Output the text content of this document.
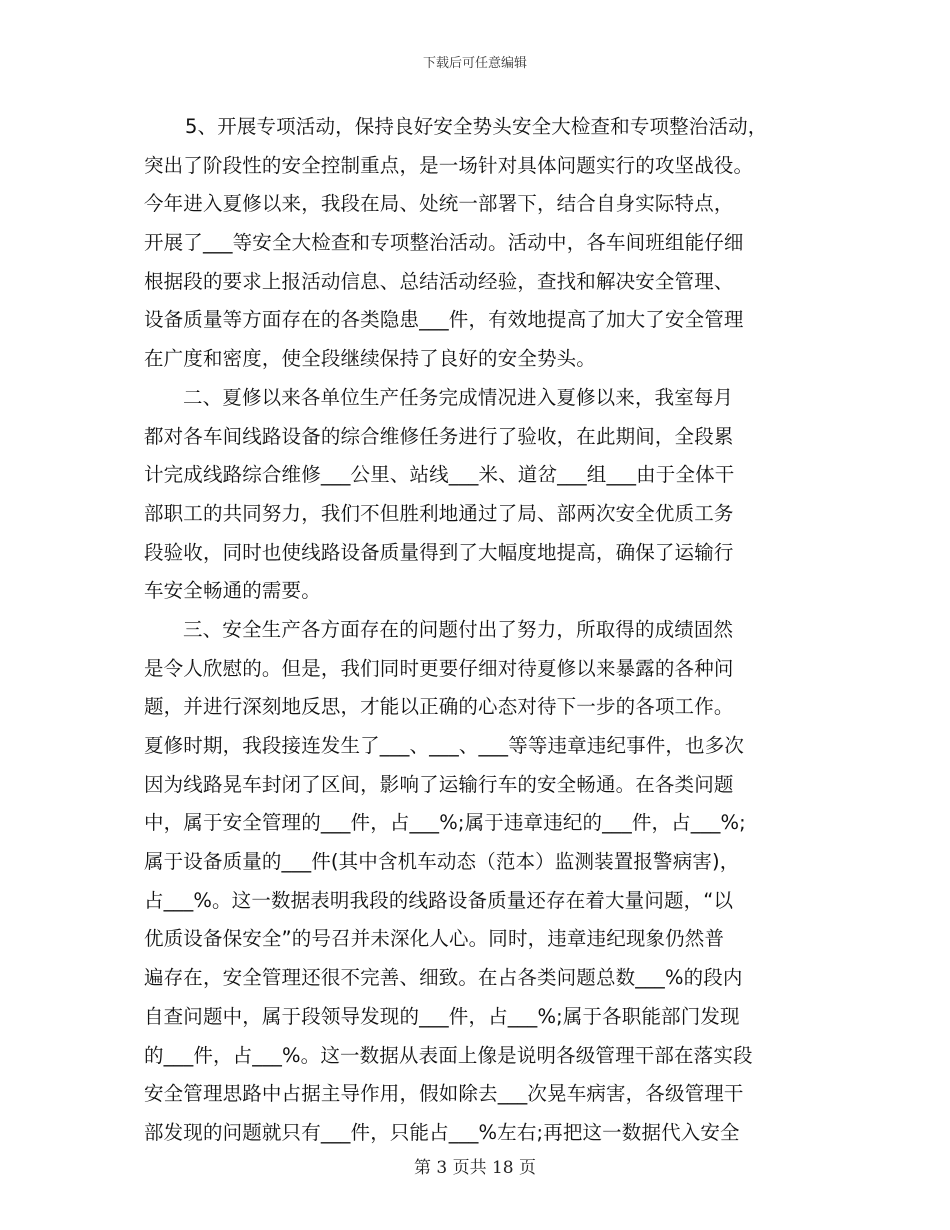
下载后可任意编辑
5、开展专项活动，保持良好安全势头安全大检查和专项整治活动，
突出了阶段性的安全控制重点，是一场针对具体问题实行的攻坚战役。
今年进入夏修以来，我段在局、处统一部署下，结合自身实际特点，
开展了___等安全大检查和专项整治活动。活动中，各车间班组能仔细
根据段的要求上报活动信息、总结活动经验，查找和解决安全管理、
设备质量等方面存在的各类隐患___件，有效地提高了加大了安全管理
在广度和密度，使全段继续保持了良好的安全势头。
二、夏修以来各单位生产任务完成情况进入夏修以来，我室每月
都对各车间线路设备的综合维修任务进行了验收，在此期间，全段累
计完成线路综合维修___公里、站线___米、道岔___组___由于全体干
部职工的共同努力，我们不但胜利地通过了局、部两次安全优质工务
段验收，同时也使线路设备质量得到了大幅度地提高，确保了运输行
车安全畅通的需要。
三、安全生产各方面存在的问题付出了努力，所取得的成绩固然
是令人欣慰的。但是，我们同时更要仔细对待夏修以来暴露的各种问
题，并进行深刻地反思，才能以正确的心态对待下一步的各项工作。
夏修时期，我段接连发生了___、___、___等等违章违纪事件，也多次
因为线路晃车封闭了区间，影响了运输行车的安全畅通。在各类问题
中，属于安全管理的___件，占___%;属于违章违纪的___件，占___%;
属于设备质量的___件(其中含机车动态（范本）监测装置报警病害)，
占___%。这一数据表明我段的线路设备质量还存在着大量问题，“以
优质设备保安全”的号召并未深化人心。同时，违章违纪现象仍然普
遍存在，安全管理还很不完善、细致。在占各类问题总数___%的段内
自查问题中，属于段领导发现的___件，占___%;属于各职能部门发现
的___件，占___%。这一数据从表面上像是说明各级管理干部在落实段
安全管理思路中占据主导作用，假如除去___次晃车病害，各级管理干
部发现的问题就只有___件，只能占___%左右;再把这一数据代入安全
第 3 页共 18 页
